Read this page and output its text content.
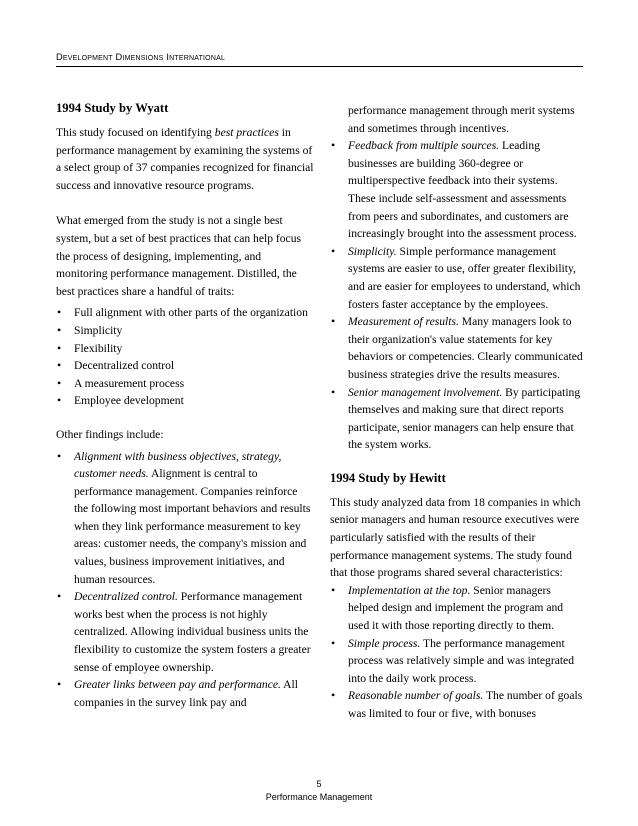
Development Dimensions International
1994 Study by Wyatt

This study focused on identifying best practices in performance management by examining the systems of a select group of 37 companies recognized for financial success and innovative resource programs.

What emerged from the study is not a single best system, but a set of best practices that can help focus the process of designing, implementing, and monitoring performance management. Distilled, the best practices share a handful of traits:

• Full alignment with other parts of the organization
• Simplicity
• Flexibility
• Decentralized control
• A measurement process
• Employee development

Other findings include:

• Alignment with business objectives, strategy, customer needs. Alignment is central to performance management. Companies reinforce the following most important behaviors and results when they link performance measurement to key areas: customer needs, the company's mission and values, business improvement initiatives, and human resources.
• Decentralized control. Performance management works best when the process is not highly centralized. Allowing individual business units the flexibility to customize the system fosters a greater sense of employee ownership.
• Greater links between pay and performance. All companies in the survey link pay and
performance management through merit systems and sometimes through incentives.
• Feedback from multiple sources. Leading businesses are building 360-degree or multiperspective feedback into their systems. These include self-assessment and assessments from peers and subordinates, and customers are increasingly brought into the assessment process.
• Simplicity. Simple performance management systems are easier to use, offer greater flexibility, and are easier for employees to understand, which fosters faster acceptance by the employees.
• Measurement of results. Many managers look to their organization's value statements for key behaviors or competencies. Clearly communicated business strategies drive the results measures.
• Senior management involvement. By participating themselves and making sure that direct reports participate, senior managers can help ensure that the system works.
1994 Study by Hewitt

This study analyzed data from 18 companies in which senior managers and human resource executives were particularly satisfied with the results of their performance management systems. The study found that those programs shared several characteristics:

• Implementation at the top. Senior managers helped design and implement the program and used it with those reporting directly to them.
• Simple process. The performance management process was relatively simple and was integrated into the daily work process.
• Reasonable number of goals. The number of goals was limited to four or five, with bonuses
5
Performance Management
